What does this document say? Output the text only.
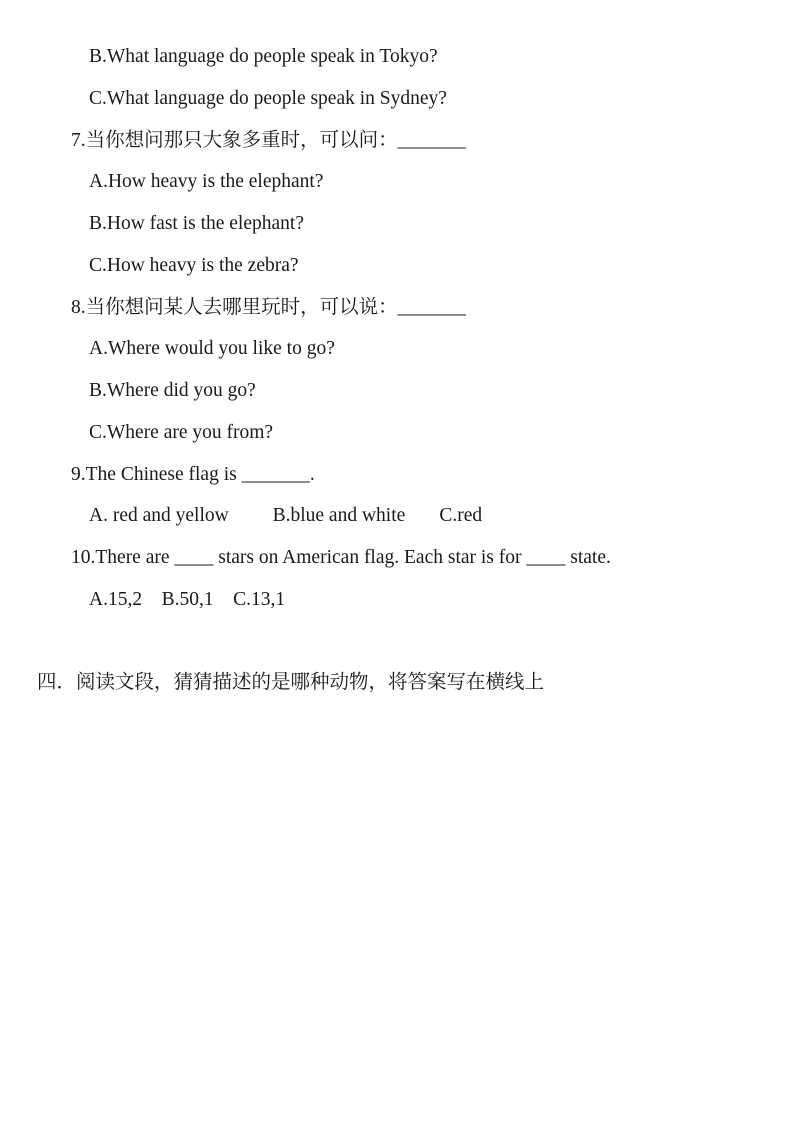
B.What language do people speak in Tokyo?
C.What language do people speak in Sydney?
7.当你想问那只大象多重时，可以问：_______
A.How heavy is the elephant?
B.How fast is the elephant?
C.How heavy is the zebra?
8.当你想问某人去哪里玩时，可以说：_______
A.Where would you like to go?
B.Where did you go?
C.Where are you from?
9.The Chinese flag is _______.
A. red and yellow         B.blue and white       C.red
10.There are ____ stars on American flag. Each star is for ____ state.
A.15,2    B.50,1    C.13,1
四．阅读文段，猜猜描述的是哪种动物，将答案写在横线上
